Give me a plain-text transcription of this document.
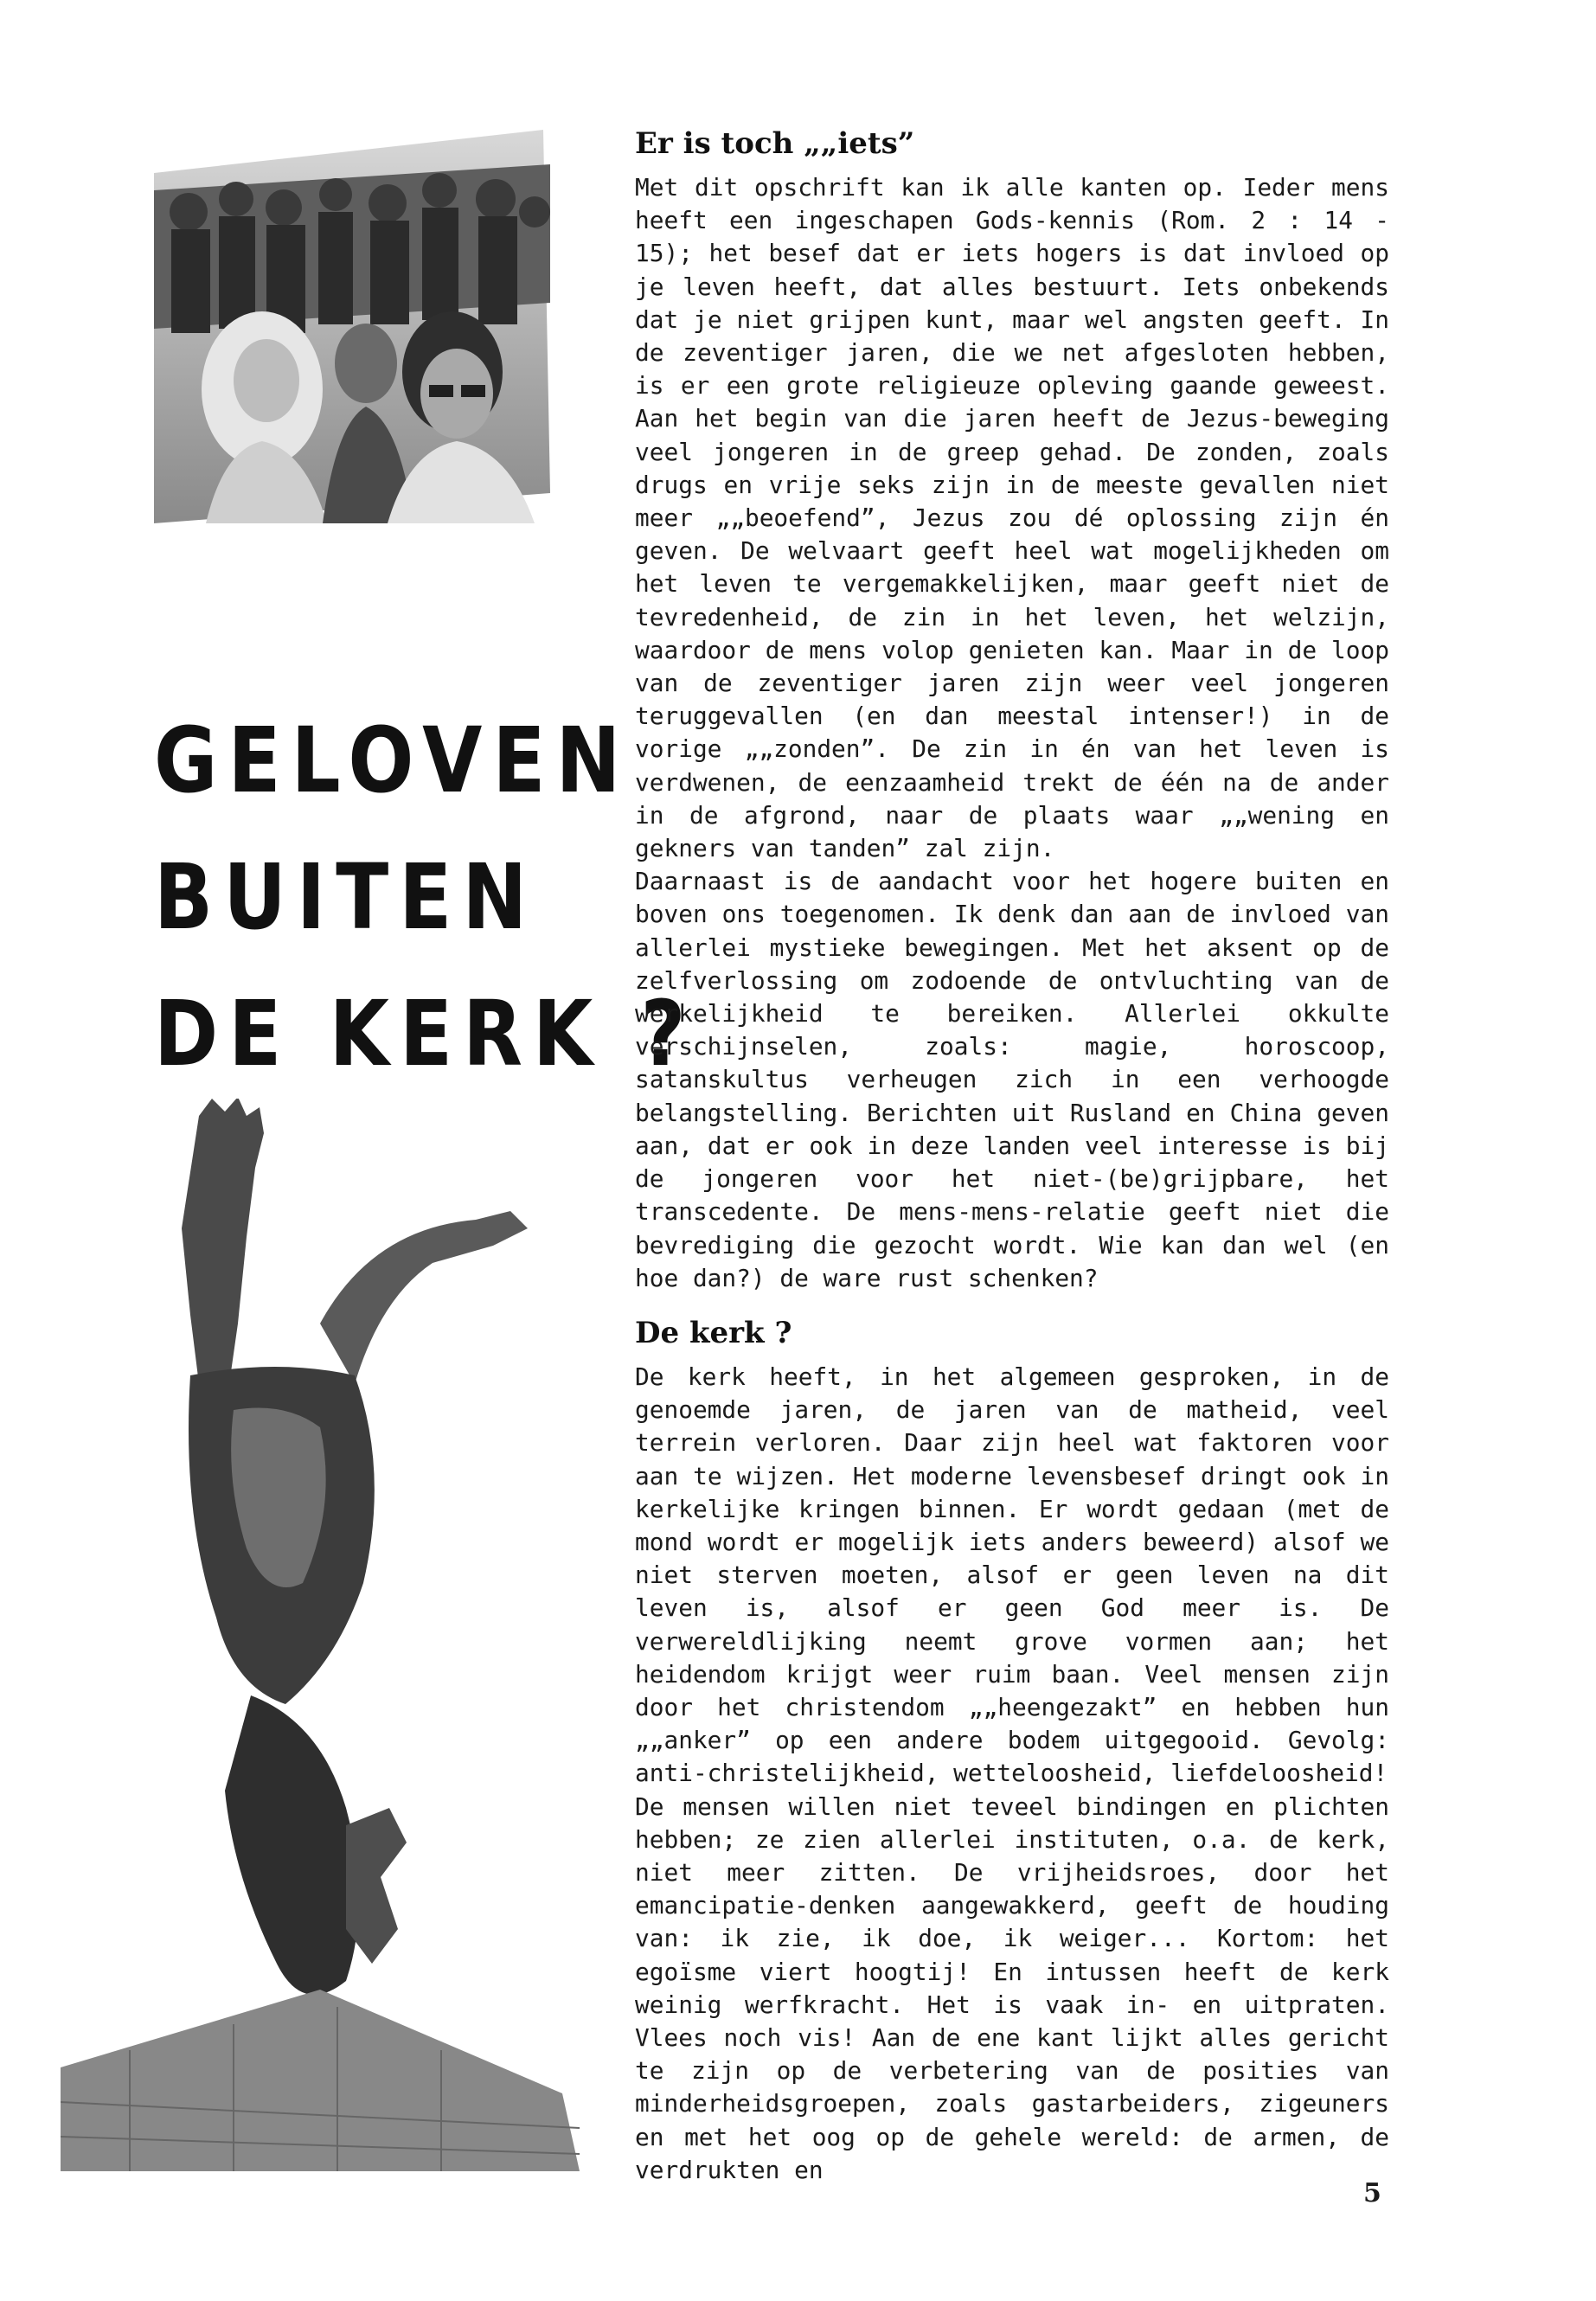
GELOVEN
BUITEN
DE KERK ?
Er is toch „„iets”

Met dit opschrift kan ik alle kanten op. Ieder mens heeft een ingeschapen Gods-kennis (Rom. 2 : 14 - 15); het besef dat er iets hogers is dat invloed op je leven heeft, dat alles bestuurt. Iets onbekends dat je niet grijpen kunt, maar wel angsten geeft. In de zeventiger jaren, die we net afgesloten hebben, is er een grote religieuze opleving gaande geweest. Aan het begin van die jaren heeft de Jezus-beweging veel jongeren in de greep gehad. De zonden, zoals drugs en vrije seks zijn in de meeste gevallen niet meer „„beoefend”, Jezus zou dé oplossing zijn én geven. De welvaart geeft heel wat mogelijkheden om het leven te vergemakkelijken, maar geeft niet de tevredenheid, de zin in het leven, het welzijn, waardoor de mens volop genieten kan. Maar in de loop van de zeventiger jaren zijn weer veel jongeren teruggevallen (en dan meestal intenser!) in de vorige „„zonden”. De zin in én van het leven is verdwenen, de eenzaamheid trekt de één na de ander in de afgrond, naar de plaats waar „„wening en gekners van tanden” zal zijn.

Daarnaast is de aandacht voor het hogere buiten en boven ons toegenomen. Ik denk dan aan de invloed van allerlei mystieke bewegingen. Met het aksent op de zelfverlossing om zodoende de ontvluchting van de werkelijkheid te bereiken. Allerlei okkulte verschijnselen, zoals: magie, horoscoop, satanskultus verheugen zich in een verhoogde belangstelling. Berichten uit Rusland en China geven aan, dat er ook in deze landen veel interesse is bij de jongeren voor het niet-(be)grijpbare, het transcedente. De mens-mens-relatie geeft niet die bevrediging die gezocht wordt. Wie kan dan wel (en hoe dan?) de ware rust schenken?

De kerk ?

De kerk heeft, in het algemeen gesproken, in de genoemde jaren, de jaren van de matheid, veel terrein verloren. Daar zijn heel wat faktoren voor aan te wijzen. Het moderne levensbesef dringt ook in kerkelijke kringen binnen. Er wordt gedaan (met de mond wordt er mogelijk iets anders beweerd) alsof we niet sterven moeten, alsof er geen leven na dit leven is, alsof er geen God meer is. De verwereldlijking neemt grove vormen aan; het heidendom krijgt weer ruim baan. Veel mensen zijn door het christendom „„heengezakt” en hebben hun „„anker” op een andere bodem uitgegooid. Gevolg: anti-christelijkheid, wetteloosheid, liefdeloosheid!

De mensen willen niet teveel bindingen en plichten hebben; ze zien allerlei instituten, o.a. de kerk, niet meer zitten. De vrijheidsroes, door het emancipatie-denken aangewakkerd, geeft de houding van: ik zie, ik doe, ik weiger... Kortom: het egoïsme viert hoogtij! En intussen heeft de kerk weinig werfkracht. Het is vaak in- en uitpraten. Vlees noch vis! Aan de ene kant lijkt alles gericht te zijn op de verbetering van de posities van minderheidsgroepen, zoals gastarbeiders, zigeuners en met het oog op de gehele wereld: de armen, de verdrukten en

5
